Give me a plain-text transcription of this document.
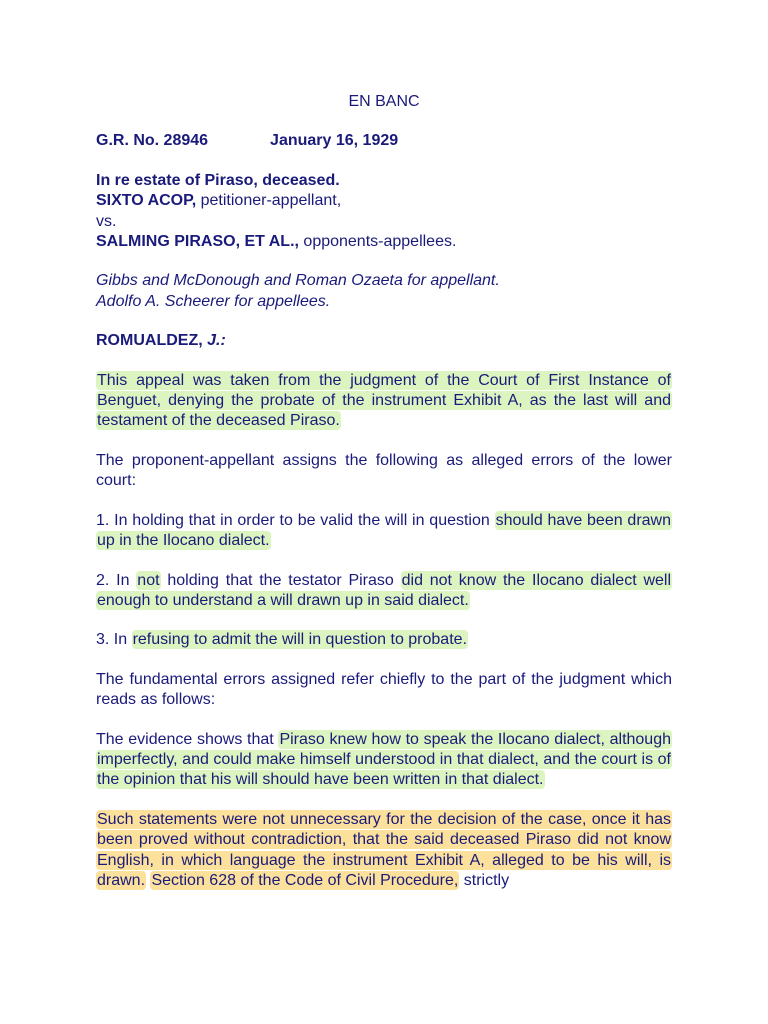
EN BANC
G.R. No. 28946	January 16, 1929

In re estate of Piraso, deceased.

SIXTO ACOP, petitioner-appellant,

vs.

SALMING PIRASO, ET AL., opponents-appellees.

Gibbs and McDonough and Roman Ozaeta for appellant.

Adolfo A. Scheerer for appellees.

ROMUALDEZ, J.:

This appeal was taken from the judgment of the Court of First Instance of Benguet, denying the probate of the instrument Exhibit A, as the last will and testament of the deceased Piraso.

The proponent-appellant assigns the following as alleged errors of the lower court:

1. In holding that in order to be valid the will in question should have been drawn up in the Ilocano dialect.

2. In not holding that the testator Piraso did not know the Ilocano dialect well enough to understand a will drawn up in said dialect.

3. In refusing to admit the will in question to probate.

The fundamental errors assigned refer chiefly to the part of the judgment which reads as follows:

The evidence shows that Piraso knew how to speak the Ilocano dialect, although imperfectly, and could make himself understood in that dialect, and the court is of the opinion that his will should have been written in that dialect.

Such statements were not unnecessary for the decision of the case, once it has been proved without contradiction, that the said deceased Piraso did not know English, in which language the instrument Exhibit A, alleged to be his will, is drawn. Section 628 of the Code of Civil Procedure, strictly
